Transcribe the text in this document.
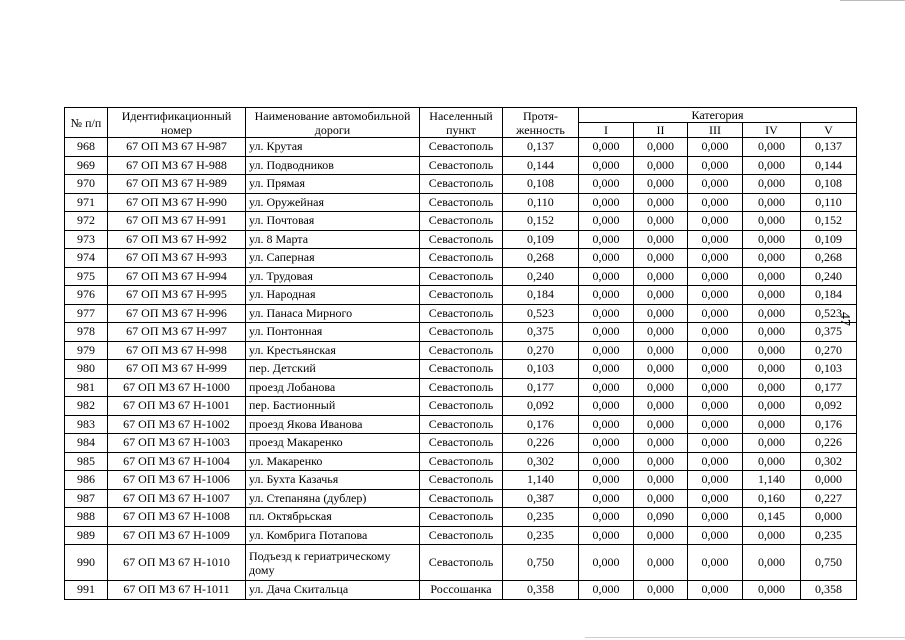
№ п/п	Идентификационный номер	Наименование автомобильной дороги	Населенный пункт	Протя- женность	Категория				
					I	II	III	IV	V
968	67 ОП МЗ 67 Н-987	ул. Крутая	Севастополь	0,137	0,000	0,000	0,000	0,000	0,137
969	67 ОП МЗ 67 Н-988	ул. Подводников	Севастополь	0,144	0,000	0,000	0,000	0,000	0,144
970	67 ОП МЗ 67 Н-989	ул. Прямая	Севастополь	0,108	0,000	0,000	0,000	0,000	0,108
971	67 ОП МЗ 67 Н-990	ул. Оружейная	Севастополь	0,110	0,000	0,000	0,000	0,000	0,110
972	67 ОП МЗ 67 Н-991	ул. Почтовая	Севастополь	0,152	0,000	0,000	0,000	0,000	0,152
973	67 ОП МЗ 67 Н-992	ул. 8 Марта	Севастополь	0,109	0,000	0,000	0,000	0,000	0,109
974	67 ОП МЗ 67 Н-993	ул. Саперная	Севастополь	0,268	0,000	0,000	0,000	0,000	0,268
975	67 ОП МЗ 67 Н-994	ул. Трудовая	Севастополь	0,240	0,000	0,000	0,000	0,000	0,240
976	67 ОП МЗ 67 Н-995	ул. Народная	Севастополь	0,184	0,000	0,000	0,000	0,000	0,184
977	67 ОП МЗ 67 Н-996	ул. Панаса Мирного	Севастополь	0,523	0,000	0,000	0,000	0,000	0,523
978	67 ОП МЗ 67 Н-997	ул. Понтонная	Севастополь	0,375	0,000	0,000	0,000	0,000	0,375
979	67 ОП МЗ 67 Н-998	ул. Крестьянская	Севастополь	0,270	0,000	0,000	0,000	0,000	0,270
980	67 ОП МЗ 67 Н-999	пер. Детский	Севастополь	0,103	0,000	0,000	0,000	0,000	0,103
981	67 ОП МЗ 67 Н-1000	проезд Лобанова	Севастополь	0,177	0,000	0,000	0,000	0,000	0,177
982	67 ОП МЗ 67 Н-1001	пер. Бастионный	Севастополь	0,092	0,000	0,000	0,000	0,000	0,092
983	67 ОП МЗ 67 Н-1002	проезд Якова Иванова	Севастополь	0,176	0,000	0,000	0,000	0,000	0,176
984	67 ОП МЗ 67 Н-1003	проезд Макаренко	Севастополь	0,226	0,000	0,000	0,000	0,000	0,226
985	67 ОП МЗ 67 Н-1004	ул. Макаренко	Севастополь	0,302	0,000	0,000	0,000	0,000	0,302
986	67 ОП МЗ 67 Н-1006	ул. Бухта Казачья	Севастополь	1,140	0,000	0,000	0,000	1,140	0,000
987	67 ОП МЗ 67 Н-1007	ул. Степаняна (дублер)	Севастополь	0,387	0,000	0,000	0,000	0,160	0,227
988	67 ОП МЗ 67 Н-1008	пл. Октябрьская	Севастополь	0,235	0,000	0,090	0,000	0,145	0,000
989	67 ОП МЗ 67 Н-1009	ул. Комбрига Потапова	Севастополь	0,235	0,000	0,000	0,000	0,000	0,235
990	67 ОП МЗ 67 Н-1010	Подъезд к гериатрическому дому	Севастополь	0,750	0,000	0,000	0,000	0,000	0,750
991	67 ОП МЗ 67 Н-1011	ул. Дача Скитальца	Россошанка	0,358	0,000	0,000	0,000	0,000	0,358
47
